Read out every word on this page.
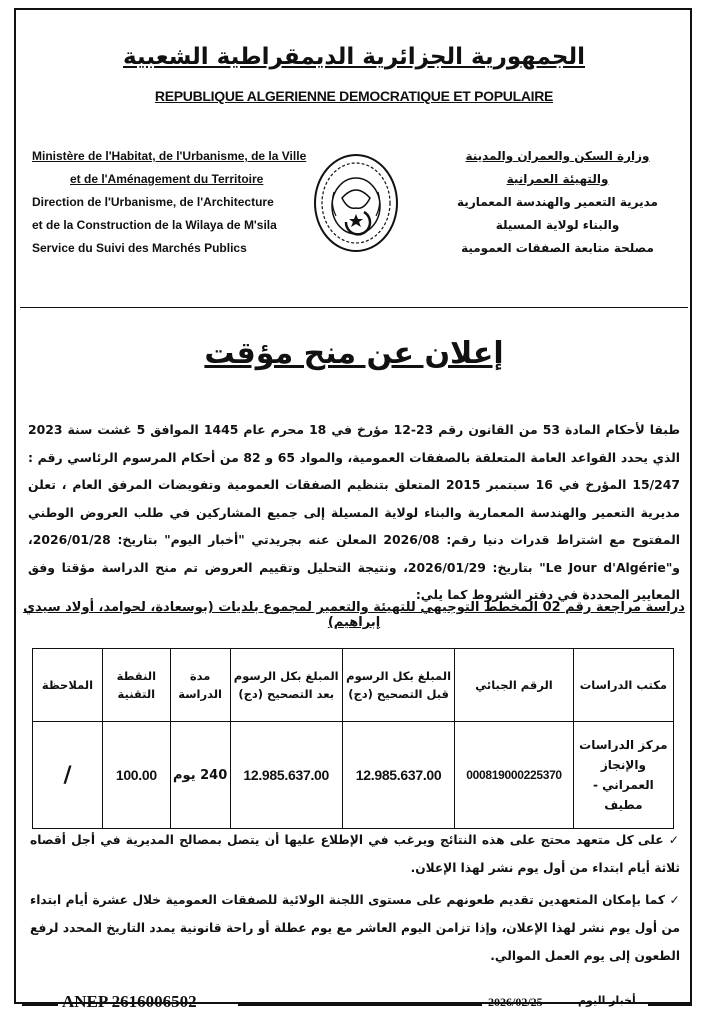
الجمهورية الجزائرية الديمقراطية الشعبية
REPUBLIQUE ALGERIENNE DEMOCRATIQUE ET POPULAIRE
Ministère de l'Habitat, de l'Urbanisme, de la Ville
et de l'Aménagement du Territoire
Direction de l'Urbanisme, de l'Architecture
et de la Construction de la Wilaya de M'sila
Service du Suivi des Marchés Publics
وزارة السكن والعمران والمدينة
والتهيئة العمرانية
مديرية التعمير والهندسة المعمارية
والبناء لولاية المسيلة
مصلحة متابعة الصفقات العمومية
إعلان عن منح مؤقت
طبقا لأحكام المادة 53 من القانون رقم 23-12 مؤرخ في 18 محرم عام 1445 الموافق 5 غشت سنة 2023 الذي يحدد القواعد العامة المتعلقة بالصفقات العمومية، والمواد 65 و 82 من أحكام المرسوم الرئاسي رقم : 15/247 المؤرخ في 16 سبتمبر 2015 المتعلق بتنظيم الصفقات العمومية وتفويضات المرفق العام ، تعلن مديرية التعمير والهندسة المعمارية والبناء لولاية المسيلة إلى جميع المشاركين في طلب العروض الوطني المفتوح مع اشتراط قدرات دنيا رقم: 2026/08 المعلن عنه بجريدتي "أخبار اليوم" بتاريخ: 2026/01/28، و"Le Jour d'Algérie" بتاريخ: 2026/01/29، ونتيجة التحليل وتقييم العروض تم منح الدراسة مؤقتا وفق المعايير المحددة في دفتر الشروط كما يلي:
دراسة مراجعة رقم 02 المخطط التوجيهي للتهيئة والتعمير لمجموع بلديات (بوسعادة، لحوامد، أولاد سيدي إبراهيم)
مكتب الدراسات	الرقم الجبائي	المبلغ بكل الرسوم قبل التصحيح (دج)	المبلغ بكل الرسوم بعد التصحيح (دج)	مدة الدراسة	النقطة التقنية	الملاحظة
مركز الدراسات والإنجاز العمراني - مطيف	000819000225370	12.985.637.00	12.985.637.00	240 يوم	100.00	/

✓ على كل متعهد محتج على هذه النتائج ويرغب في الإطلاع عليها أن يتصل بمصالح المديرية في أجل أقصاه ثلاثة أيام ابتداء من أول يوم نشر لهذا الإعلان.

✓ كما بإمكان المتعهدين تقديم طعونهم على مستوى اللجنة الولائية للصفقات العمومية خلال عشرة أيام ابتداء من أول يوم نشر لهذا الإعلان، وإذا تزامن اليوم العاشر مع يوم عطلة أو راحة قانونية يمدد التاريخ المحدد لرفع الطعون إلى يوم العمل الموالي.

ANEP 2616006502	2026/02/25	أخبار اليوم
